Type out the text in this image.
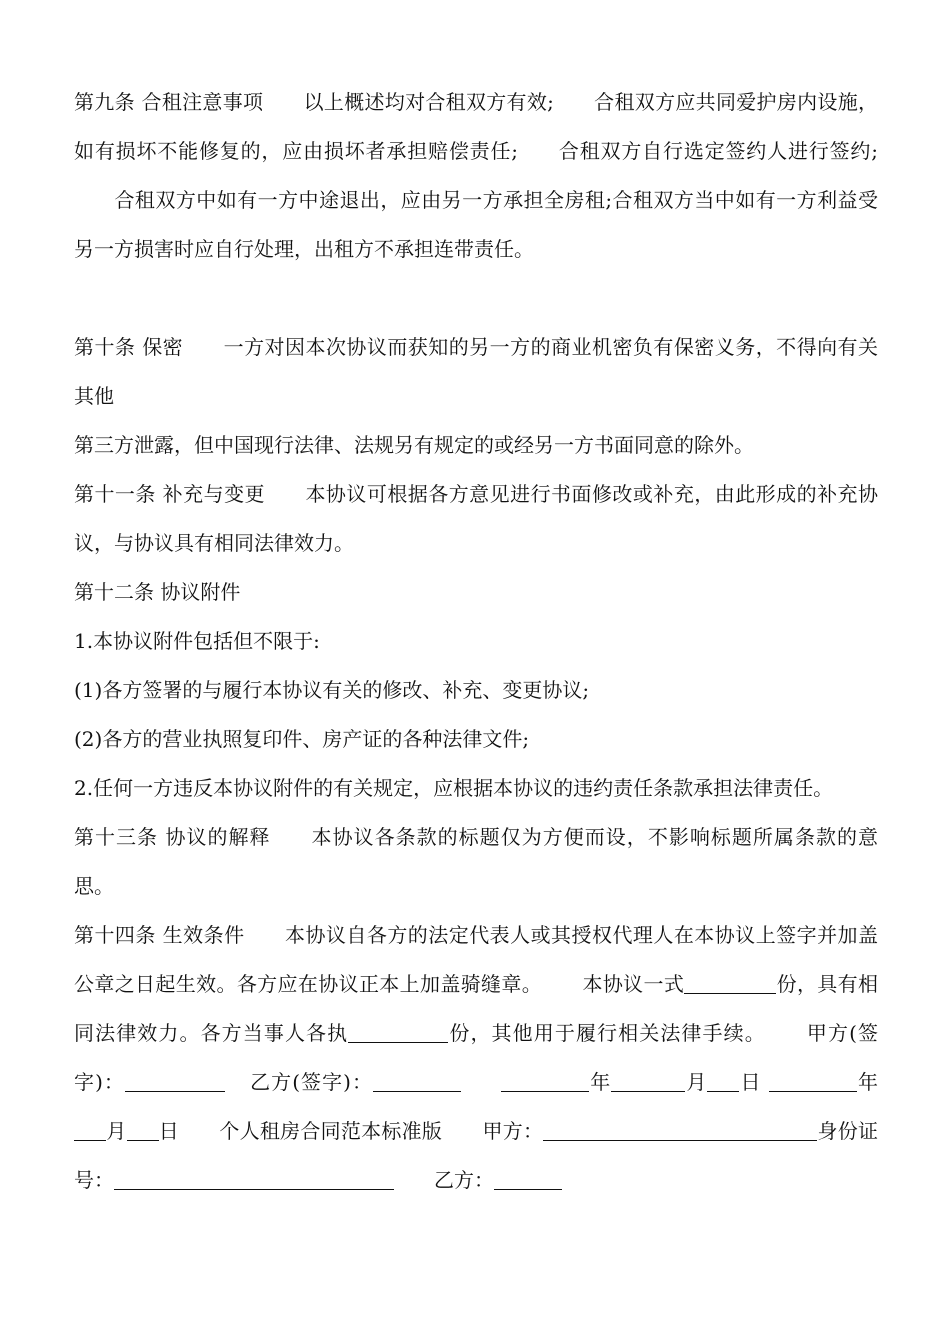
第九条 合租注意事项 以上概述均对合租双方有效; 合租双方应共同爱护房内设施，如有损坏不能修复的，应由损坏者承担赔偿责任; 合租双方自行选定签约人进行签约;合租双方中如有一方中途退出，应由另一方承担全房租;合租双方当中如有一方利益受另一方损害时应自行处理，出租方不承担连带责任。

第十条 保密 一方对因本次协议而获知的另一方的商业机密负有保密义务，不得向有关其他

第三方泄露，但中国现行法律、法规另有规定的或经另一方书面同意的除外。

第十一条 补充与变更 本协议可根据各方意见进行书面修改或补充，由此形成的补充协议，与协议具有相同法律效力。

第十二条 协议附件

1.本协议附件包括但不限于:

(1)各方签署的与履行本协议有关的修改、补充、变更协议;

(2)各方的营业执照复印件、房产证的各种法律文件;

2.任何一方违反本协议附件的有关规定，应根据本协议的违约责任条款承担法律责任。

第十三条 协议的解释 本协议各条款的标题仅为方便而设，不影响标题所属条款的意思。

第十四条 生效条件 本协议自各方的法定代表人或其授权代理人在本协议上签字并加盖公章之日起生效。各方应在协议正本上加盖骑缝章。 本协议一式	份，具有相同法律效力。各方当事人各执	份，其他用于履行相关法律手续。 甲方(签字)：	乙方(签字)：	年	月 日	年月 日 个人租房合同范本标准版 甲方：	身份证号：	乙方：
